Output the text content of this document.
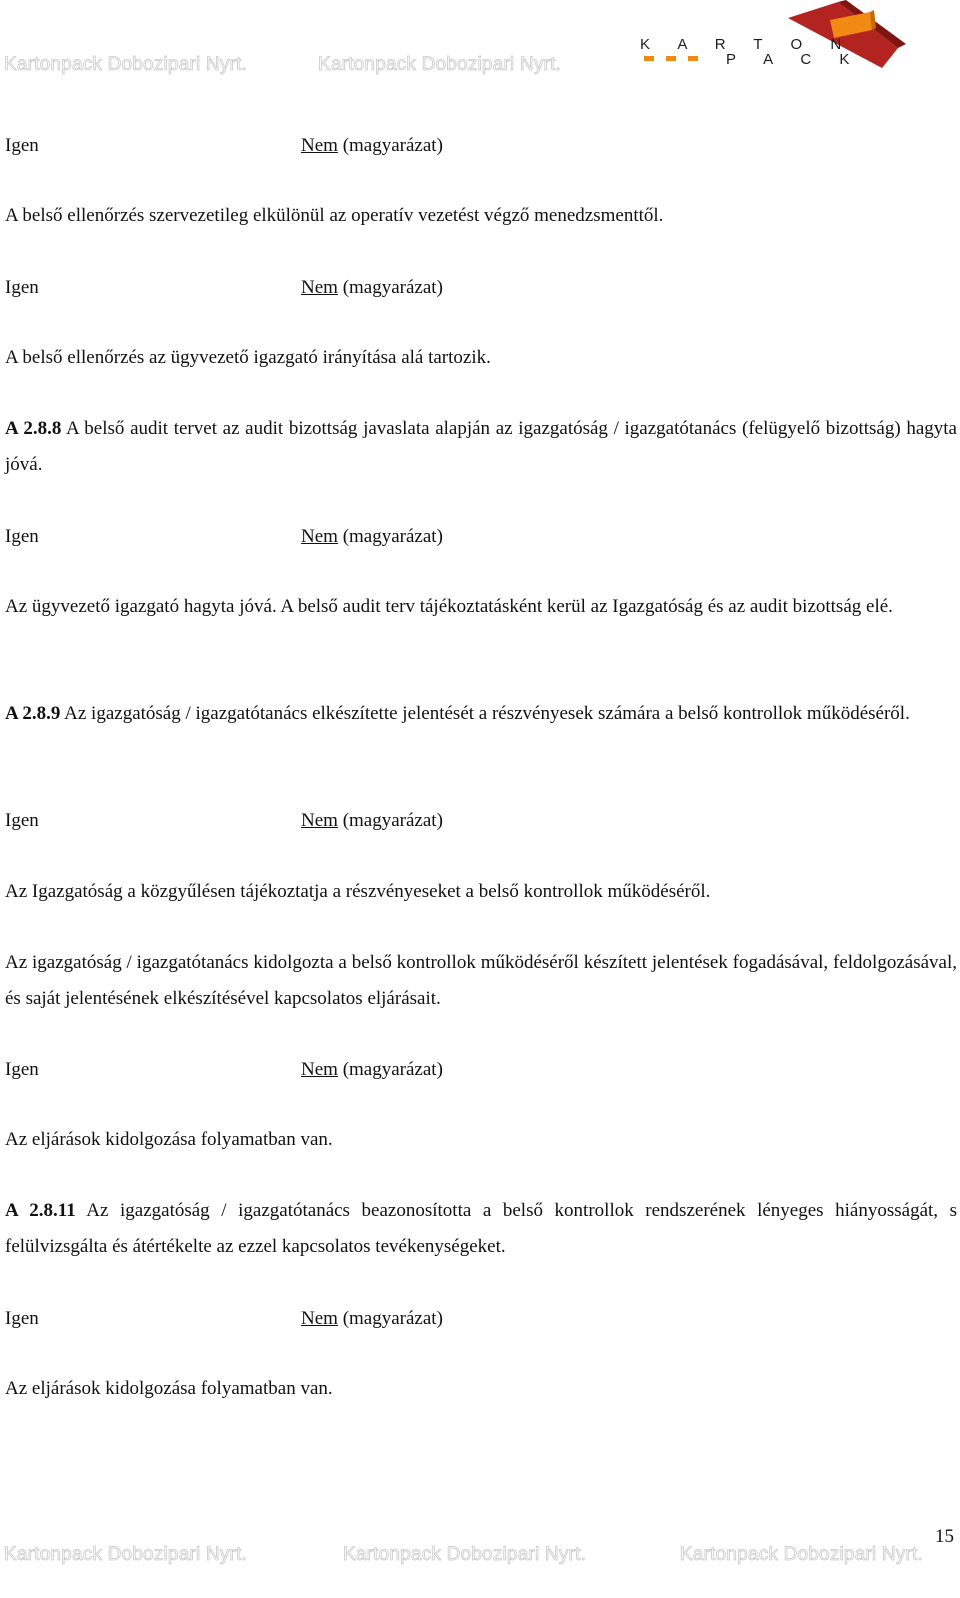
Kartonpack Dobozipari Nyrt.	Kartonpack Dobozipari Nyrt.
K A R T O N
P A C K
Igen	Nem (magyarázat)
A belső ellenőrzés szervezetileg elkülönül az operatív vezetést végző menedzsmenttől.
Igen	Nem (magyarázat)
A belső ellenőrzés az ügyvezető igazgató irányítása alá tartozik.
A 2.8.8 A belső audit tervet az audit bizottság javaslata alapján az igazgatóság / igazgatótanács (felügyelő bizottság) hagyta jóvá.
Igen	Nem (magyarázat)
Az ügyvezető igazgató hagyta jóvá. A belső audit terv tájékoztatásként kerül az Igazgatóság és az audit bizottság elé.
A 2.8.9 Az igazgatóság / igazgatótanács elkészítette jelentését a részvényesek számára a belső kontrollok működéséről.
Igen	Nem (magyarázat)
Az Igazgatóság a közgyűlésen tájékoztatja a részvényeseket a belső kontrollok működéséről.
Az igazgatóság / igazgatótanács kidolgozta a belső kontrollok működéséről készített jelentések fogadásával, feldolgozásával, és saját jelentésének elkészítésével kapcsolatos eljárásait.
Igen	Nem (magyarázat)
Az eljárások kidolgozása folyamatban van.
A 2.8.11 Az igazgatóság / igazgatótanács beazonosította a belső kontrollok rendszerének lényeges hiányosságát, s felülvizsgálta és átértékelte az ezzel kapcsolatos tevékenységeket.
Igen	Nem (magyarázat)
Az eljárások kidolgozása folyamatban van.
15
Kartonpack Dobozipari Nyrt.	Kartonpack Dobozipari Nyrt.	Kartonpack Dobozipari Nyrt.
